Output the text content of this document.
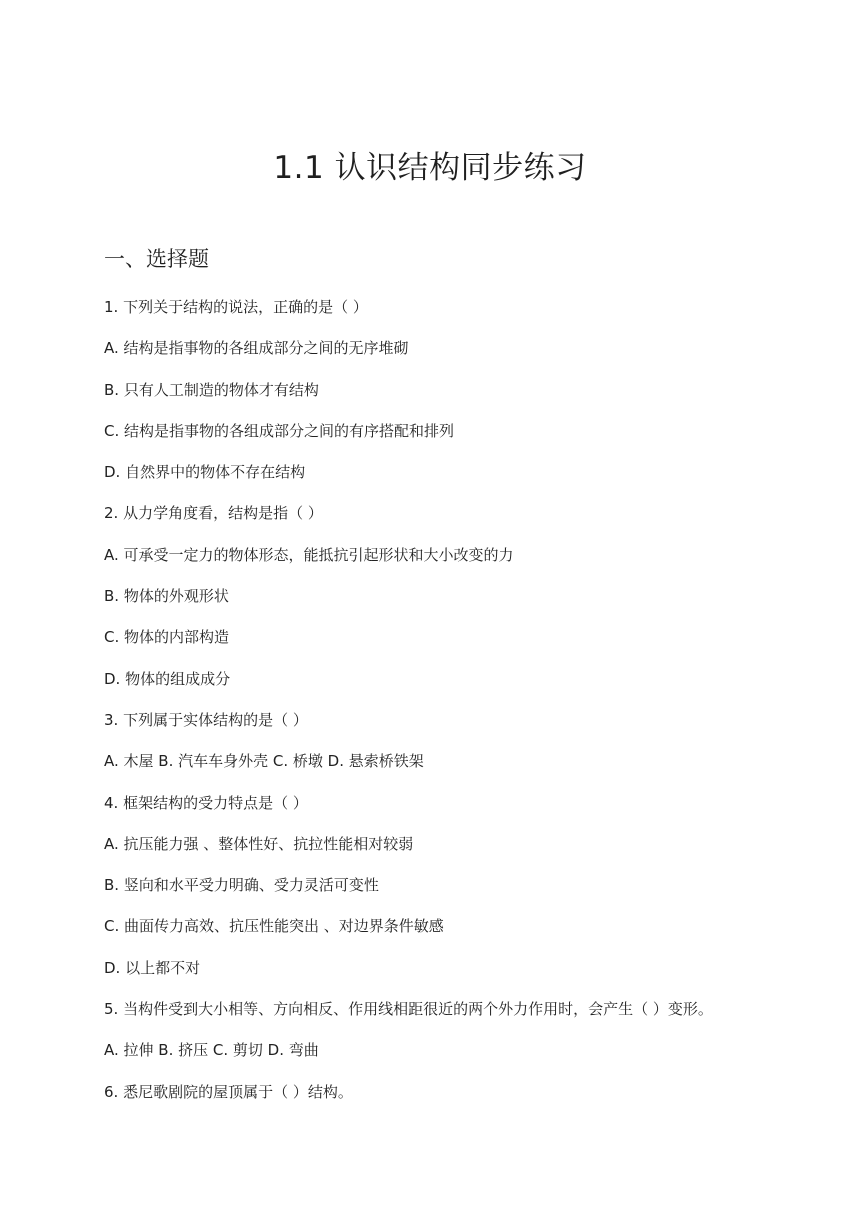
1.1 认识结构同步练习
一、选择题
1. 下列关于结构的说法，正确的是（ ）
A. 结构是指事物的各组成部分之间的无序堆砌
B. 只有人工制造的物体才有结构
C. 结构是指事物的各组成部分之间的有序搭配和排列
D. 自然界中的物体不存在结构
2. 从力学角度看，结构是指（ ）
A. 可承受一定力的物体形态，能抵抗引起形状和大小改变的力
B. 物体的外观形状
C. 物体的内部构造
D. 物体的组成成分
3. 下列属于实体结构的是（ ）
A. 木屋 B. 汽车车身外壳 C. 桥墩 D. 悬索桥铁架
4. 框架结构的受力特点是（ ）
A. 抗压能力强 、整体性好、抗拉性能相对较弱
B. 竖向和水平受力明确、受力灵活可变性
C. 曲面传力高效、抗压性能突出 、对边界条件敏感
D. 以上都不对
5. 当构件受到大小相等、方向相反、作用线相距很近的两个外力作用时，会产生（ ）变形。
A. 拉伸 B. 挤压 C. 剪切 D. 弯曲
6. 悉尼歌剧院的屋顶属于（ ）结构。
